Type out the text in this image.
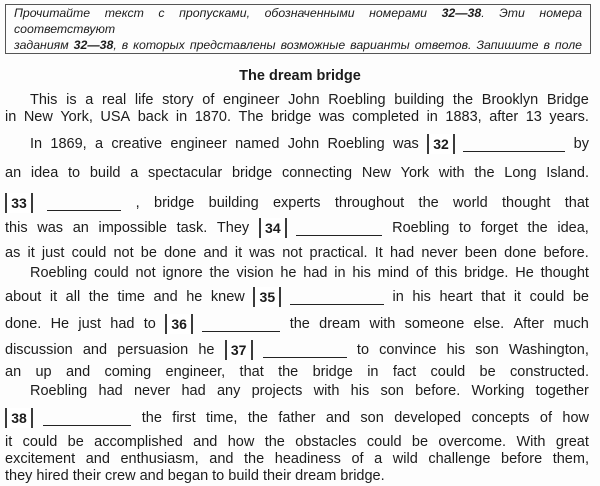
Прочитайте текст с пропусками, обозначенными номерами 32—38. Эти номера соответствуют
заданиям 32—38, в которых представлены возможные варианты ответов. Запишите в поле
The dream bridge
This is a real life story of engineer John Roebling building the Brooklyn Bridge
in New York, USA back in 1870. The bridge was completed in 1883, after 13 years.
In 1869, a creative engineer named John Roebling was	32	by
an idea to build a spectacular bridge connecting New York with the Long Island.
33	, bridge building experts throughout the world thought that
this was an impossible task. They	34	Roebling to forget the idea,
as it just could not be done and it was not practical. It had never been done before.
Roebling could not ignore the vision he had in his mind of this bridge. He thought
about it all the time and he knew	35	in his heart that it could be
done. He just had to	36	the dream with someone else. After much
discussion and persuasion he	37	to convince his son Washington,
an up and coming engineer, that the bridge in fact could be constructed.
Roebling had never had any projects with his son before. Working together
38	the first time, the father and son developed concepts of how
it could be accomplished and how the obstacles could be overcome. With great
excitement and enthusiasm, and the headiness of a wild challenge before them,
they hired their crew and began to build their dream bridge.
